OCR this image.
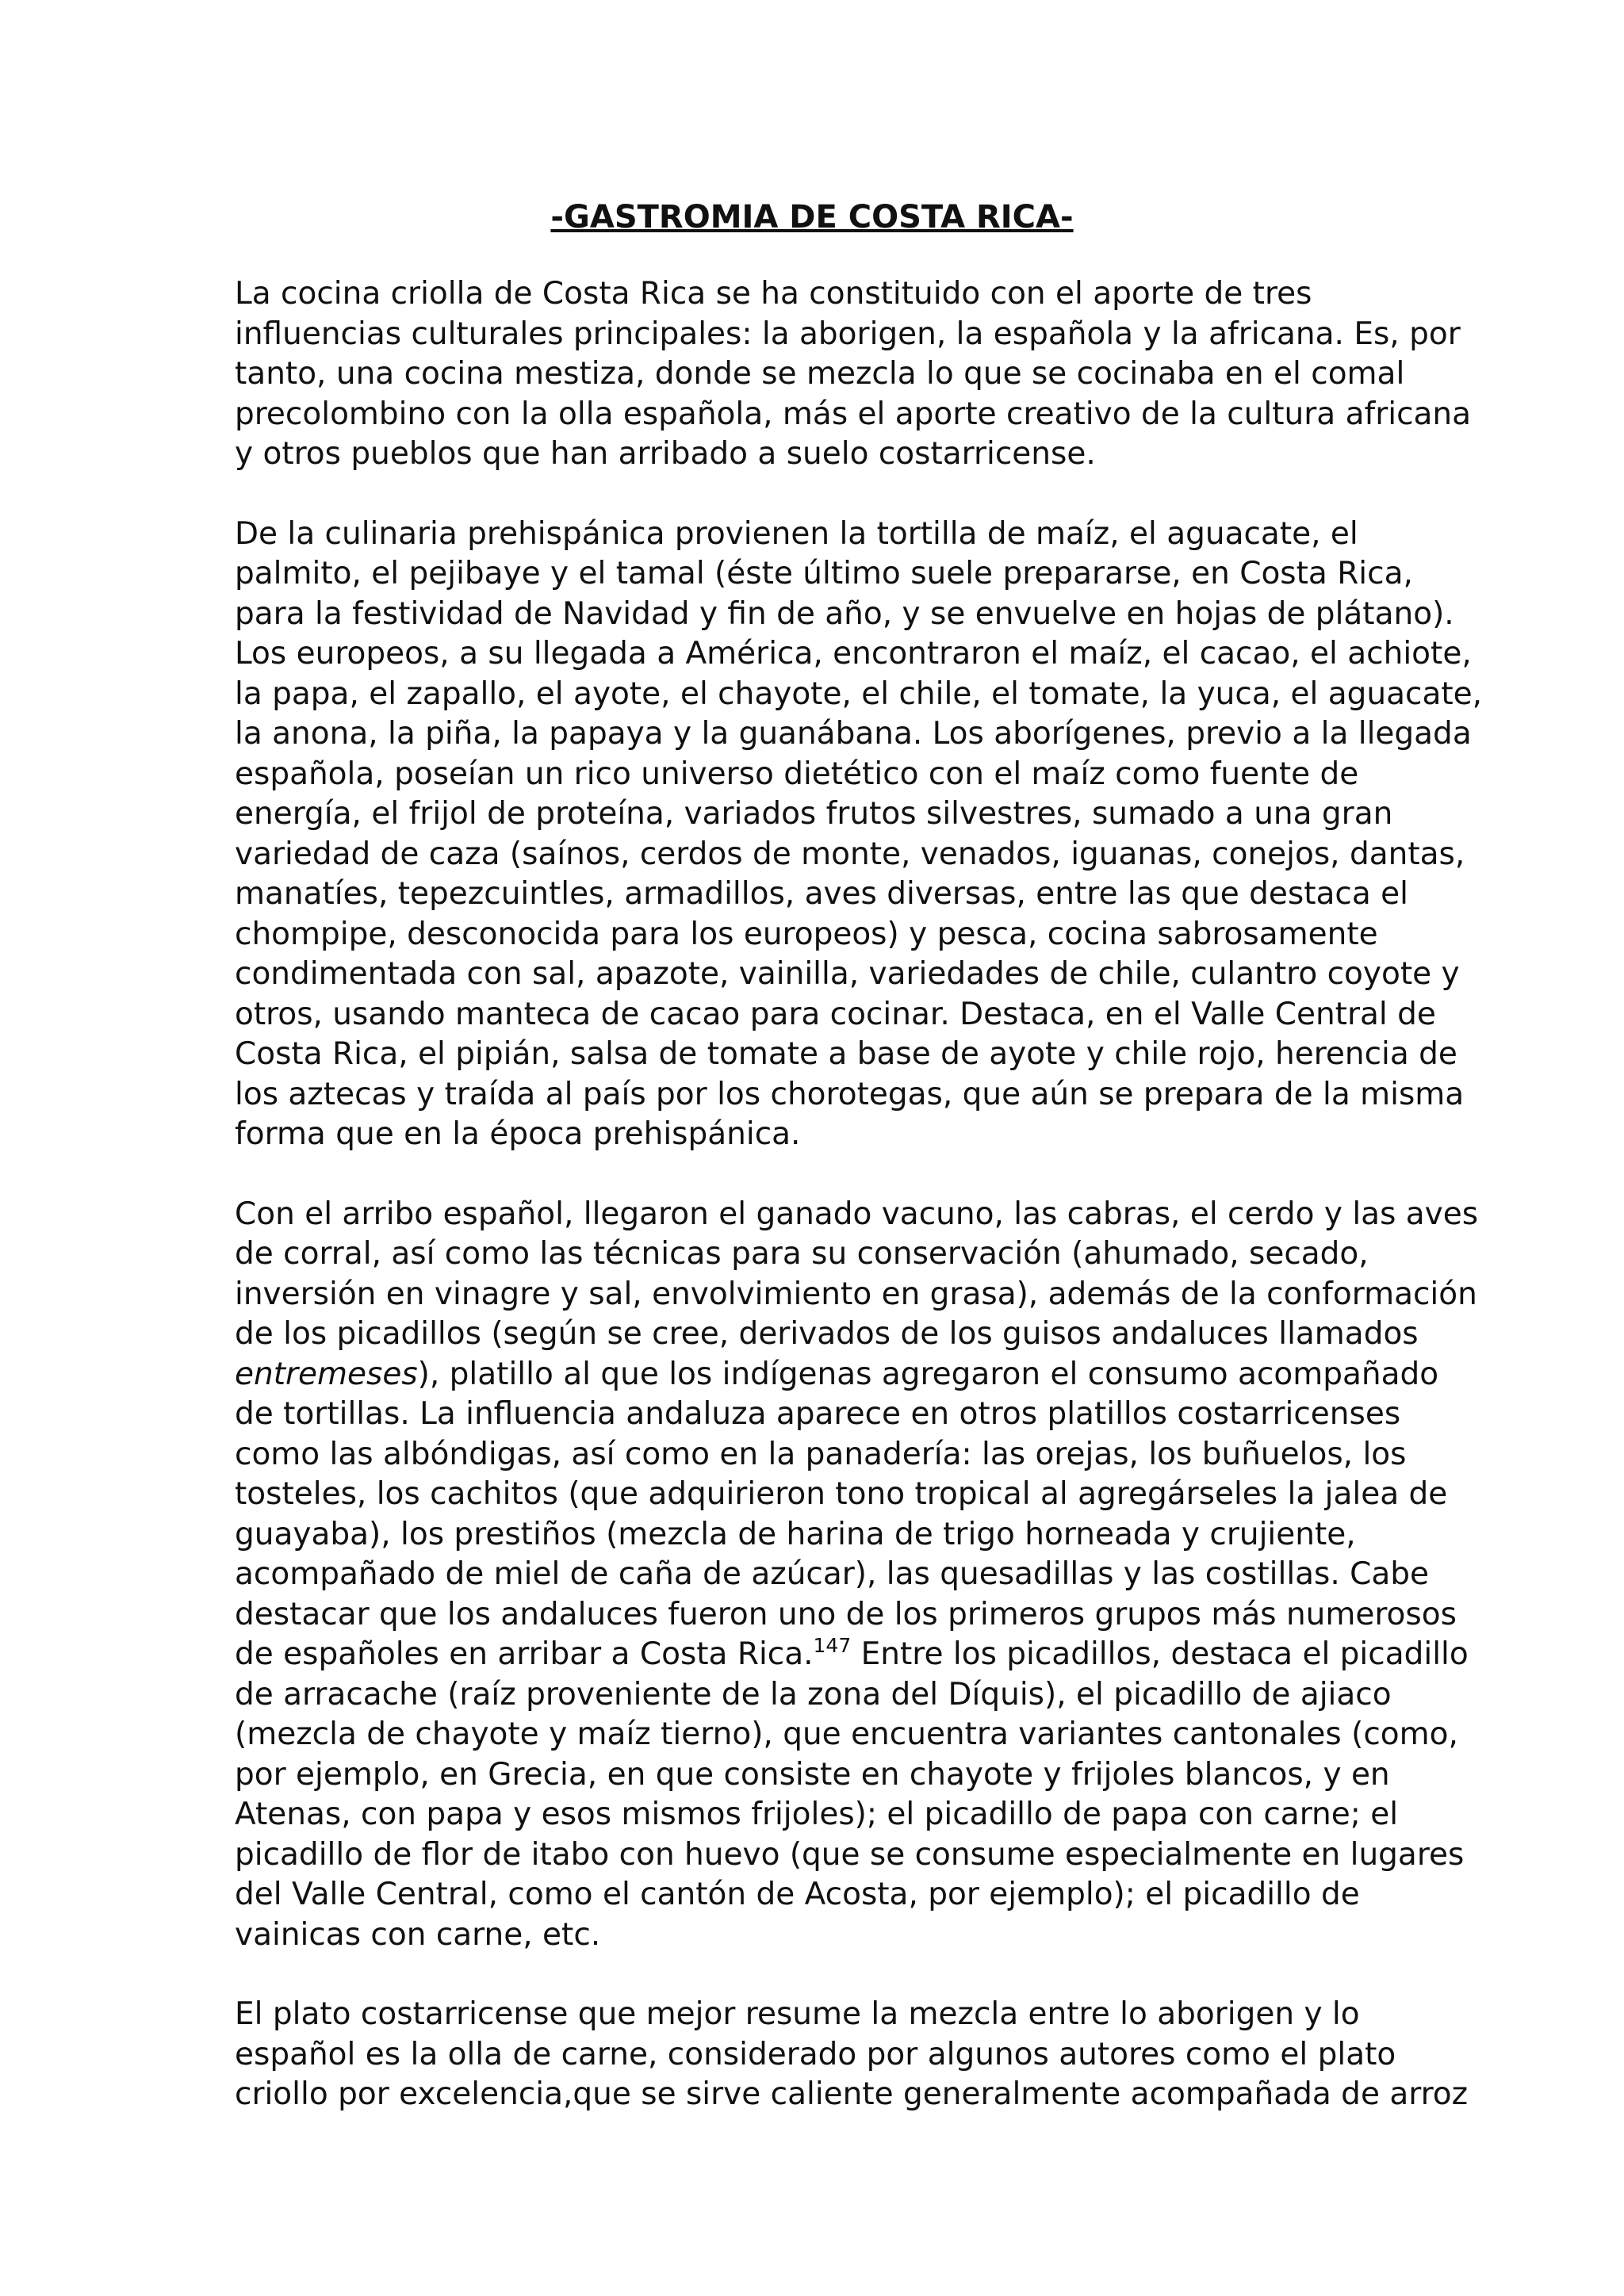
-GASTROMIA DE COSTA RICA-

La cocina criolla de Costa Rica se ha constituido con el aporte de tres
influencias culturales principales: la aborigen, la española y la africana. Es, por
tanto, una cocina mestiza, donde se mezcla lo que se cocinaba en el comal
precolombino con la olla española, más el aporte creativo de la cultura africana
y otros pueblos que han arribado a suelo costarricense.

De la culinaria prehispánica provienen la tortilla de maíz, el aguacate, el
palmito, el pejibaye y el tamal (éste último suele prepararse, en Costa Rica,
para la festividad de Navidad y fin de año, y se envuelve en hojas de plátano).
Los europeos, a su llegada a América, encontraron el maíz, el cacao, el achiote,
la papa, el zapallo, el ayote, el chayote, el chile, el tomate, la yuca, el aguacate,
la anona, la piña, la papaya y la guanábana. Los aborígenes, previo a la llegada
española, poseían un rico universo dietético con el maíz como fuente de
energía, el frijol de proteína, variados frutos silvestres, sumado a una gran
variedad de caza (saínos, cerdos de monte, venados, iguanas, conejos, dantas,
manatíes, tepezcuintles, armadillos, aves diversas, entre las que destaca el
chompipe, desconocida para los europeos) y pesca, cocina sabrosamente
condimentada con sal, apazote, vainilla, variedades de chile, culantro coyote y
otros, usando manteca de cacao para cocinar. Destaca, en el Valle Central de
Costa Rica, el pipián, salsa de tomate a base de ayote y chile rojo, herencia de
los aztecas y traída al país por los chorotegas, que aún se prepara de la misma
forma que en la época prehispánica.

Con el arribo español, llegaron el ganado vacuno, las cabras, el cerdo y las aves
de corral, así como las técnicas para su conservación (ahumado, secado,
inversión en vinagre y sal, envolvimiento en grasa), además de la conformación
de los picadillos (según se cree, derivados de los guisos andaluces llamados
entremeses), platillo al que los indígenas agregaron el consumo acompañado
de tortillas. La influencia andaluza aparece en otros platillos costarricenses
como las albóndigas, así como en la panadería: las orejas, los buñuelos, los
tosteles, los cachitos (que adquirieron tono tropical al agregárseles la jalea de
guayaba), los prestiños (mezcla de harina de trigo horneada y crujiente,
acompañado de miel de caña de azúcar), las quesadillas y las costillas. Cabe
destacar que los andaluces fueron uno de los primeros grupos más numerosos
de españoles en arribar a Costa Rica.$^{147}$ Entre los picadillos, destaca el picadillo
de arracache (raíz proveniente de la zona del Díquis), el picadillo de ajiaco
(mezcla de chayote y maíz tierno), que encuentra variantes cantonales (como,
por ejemplo, en Grecia, en que consiste en chayote y frijoles blancos, y en
Atenas, con papa y esos mismos frijoles); el picadillo de papa con carne; el
picadillo de flor de itabo con huevo (que se consume especialmente en lugares
del Valle Central, como el cantón de Acosta, por ejemplo); el picadillo de
vainicas con carne, etc.

El plato costarricense que mejor resume la mezcla entre lo aborigen y lo
español es la olla de carne, considerado por algunos autores como el plato
criollo por excelencia,que se sirve caliente generalmente acompañada de arroz
